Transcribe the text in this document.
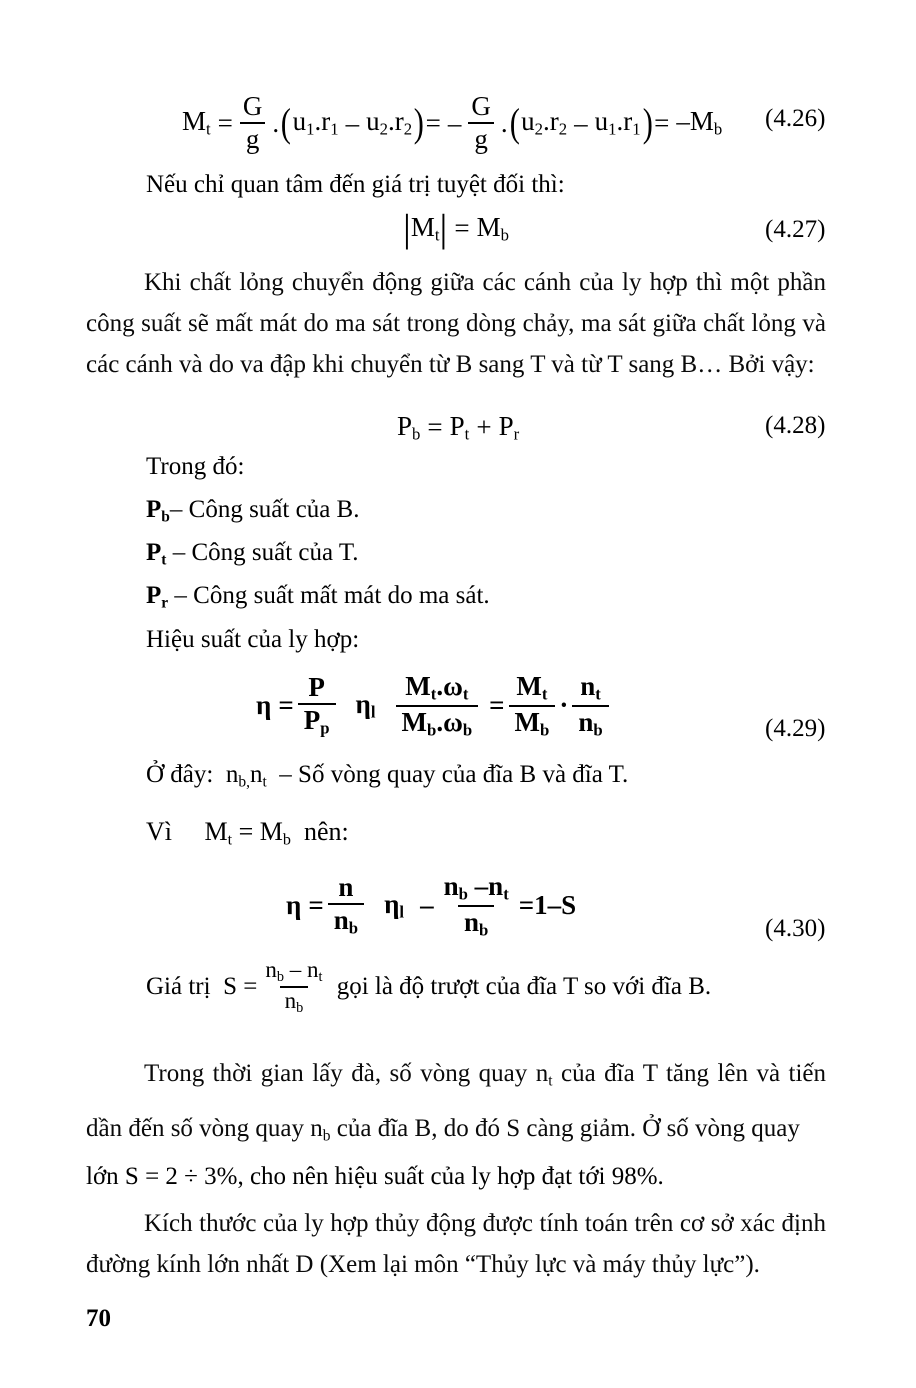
$M_t = \frac{G}{g}$ . ( $u_1.r_1 - u_2.r_2$ ) = – $\frac{G}{g}$ . ( $u_2.r_2 - u_1.r_1$ ) = $-M_b$ (4.26)
Nếu chỉ quan tâm đến giá trị tuyệt đối thì:
| $M_t$ | = $M_b$	(4.27)
Khi chất lỏng chuyển động giữa các cánh của ly hợp thì một phần công suất sẽ mất mát do ma sát trong dòng chảy, ma sát giữa chất lỏng và các cánh và do va đập khi chuyển từ B sang T và từ T sang B… Bởi vậy:
$P_b = P_t + P_r$	(4.28)
Trong đó:
$P_b-$ Công suất của B.
$P_t$ – Công suất của T.
$P_r$ – Công suất mất mát do ma sát.
Hiệu suất của ly hợp:
$\eta = \frac{P}{P_p} \eta_l \frac{M_t.\omega_t}{M_b.\omega_b} = \frac{M_t}{M_b} \cdot \frac{n_t}{n_b}$	(4.29)
Ở đây: $n_{b,}n_t$ – Số vòng quay của đĩa B và đĩa T.
Vì $M_t = M_b$ nên:
$\eta = \frac{n}{n_b} \eta_l - \frac{n_b -n_t}{n_b} = 1-S$
(4.30)
Giá trị
$S = \frac{n_b - n_t}{n_b}$
gọi là độ trượt của đĩa T so với đĩa B.
Trong thời gian lấy đà, số vòng quay $n_t$ của đĩa T tăng lên và tiến dần đến số vòng quay $n_b$ của đĩa B, do đó S càng giảm. Ở số vòng quay
lớn S = 2 ÷ 3%, cho nên hiệu suất của ly hợp đạt tới 98%.
Kích thước của ly hợp thủy động được tính toán trên cơ sở xác định đường kính lớn nhất D (Xem lại môn “Thủy lực và máy thủy lực”).
70
